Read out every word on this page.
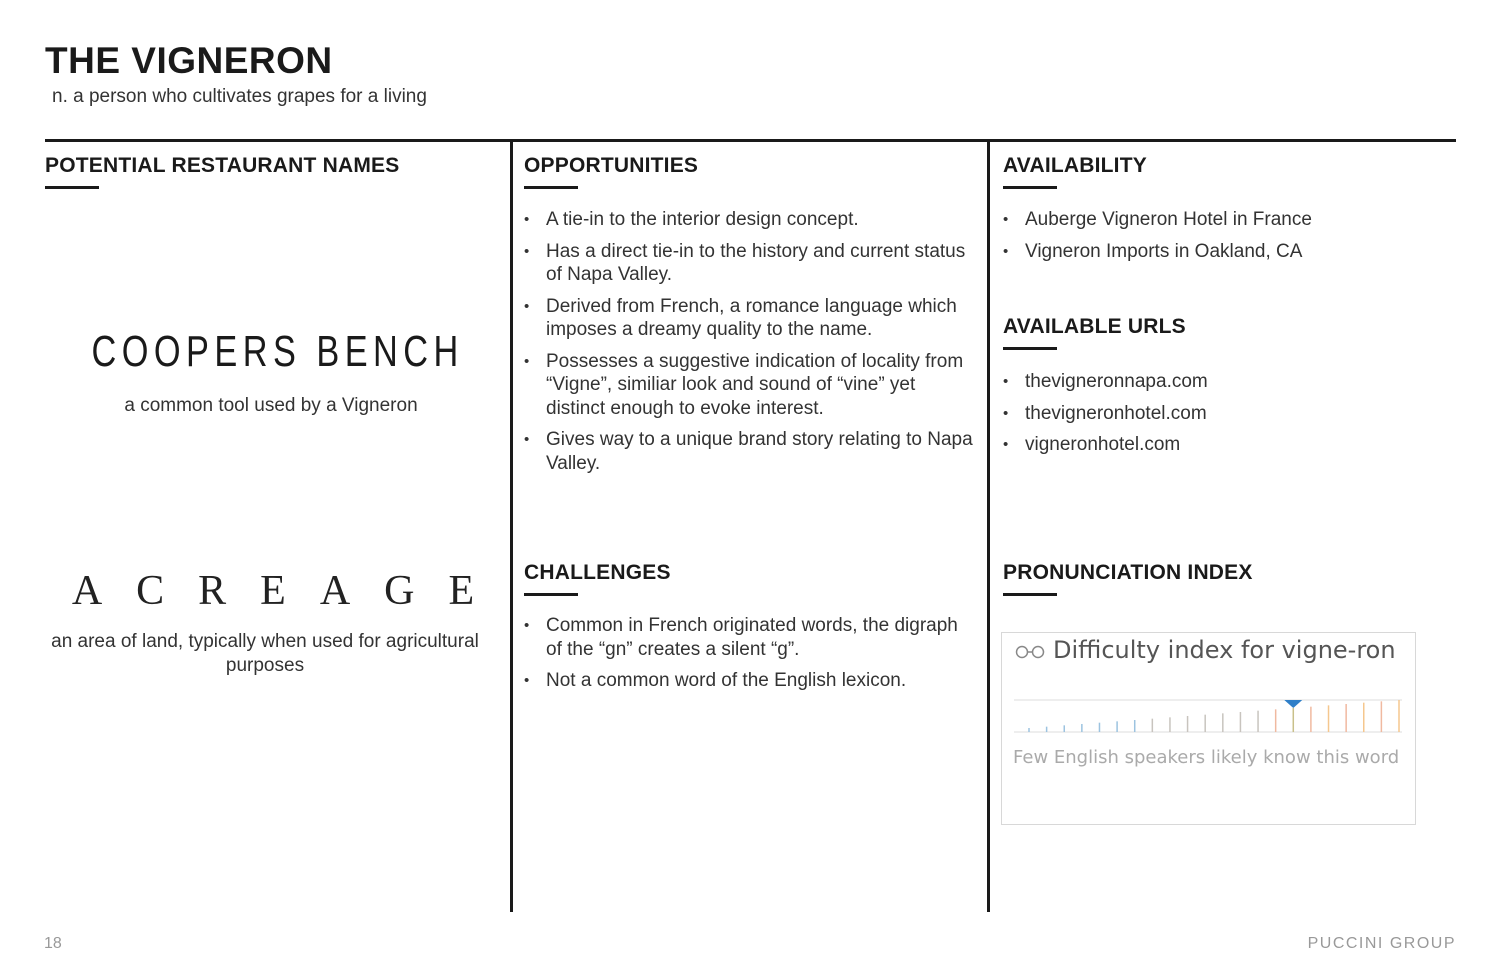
THE VIGNERON
n. a person who cultivates grapes for a living
POTENTIAL RESTAURANT NAMES
COOPERS BENCH
a common tool used by a Vigneron
ACREAGE
an area of land, typically when used for agricultural purposes
OPPORTUNITIES
• A tie-in to the interior design concept.
• Has a direct tie-in to the history and current status of Napa Valley.
• Derived from French, a romance language which imposes a dreamy quality to the name.
• Possesses a suggestive indication of locality from “Vigne”, similiar look and sound of “vine” yet distinct enough to evoke interest.
• Gives way to a unique brand story relating to Napa Valley.
CHALLENGES
• Common in French originated words, the digraph of the “gn” creates a silent “g”.
• Not a common word of the English lexicon.
AVAILABILITY
• Auberge Vigneron Hotel in France
• Vigneron Imports in Oakland, CA
AVAILABLE URLS
• thevigneronnapa.com
• thevigneronhotel.com
• vigneronhotel.com
PRONUNCIATION INDEX
Difficulty index for vigne-ron
Few English speakers likely know this word
18	PUCCINI GROUP
